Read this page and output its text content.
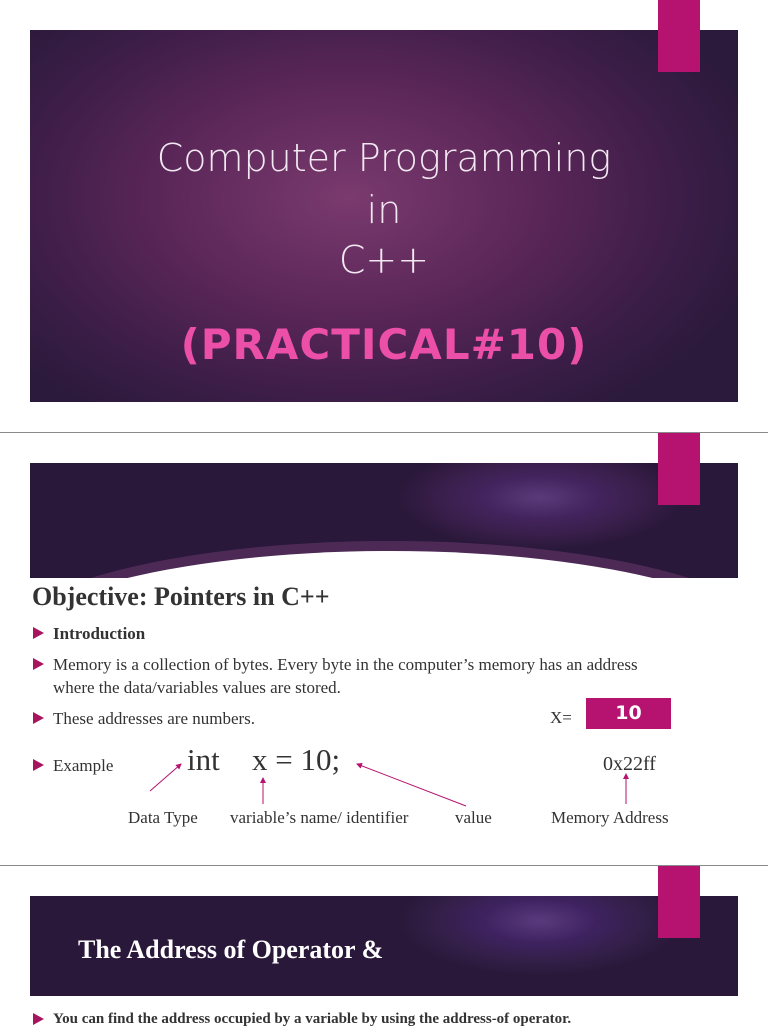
Computer Programming
in
C++
(PRACTICAL#10)
Objective: Pointers in C++
Introduction
Memory is a collection of bytes. Every byte in the computer’s memory has an address where the data/variables values are stored.
These addresses are numbers.	X=	10
Example int x = 10;	0x22ff
Data Type variable’s name/ identifier	value	Memory Address
The Address of Operator &
You can find the address occupied by a variable by using the address-of operator.
